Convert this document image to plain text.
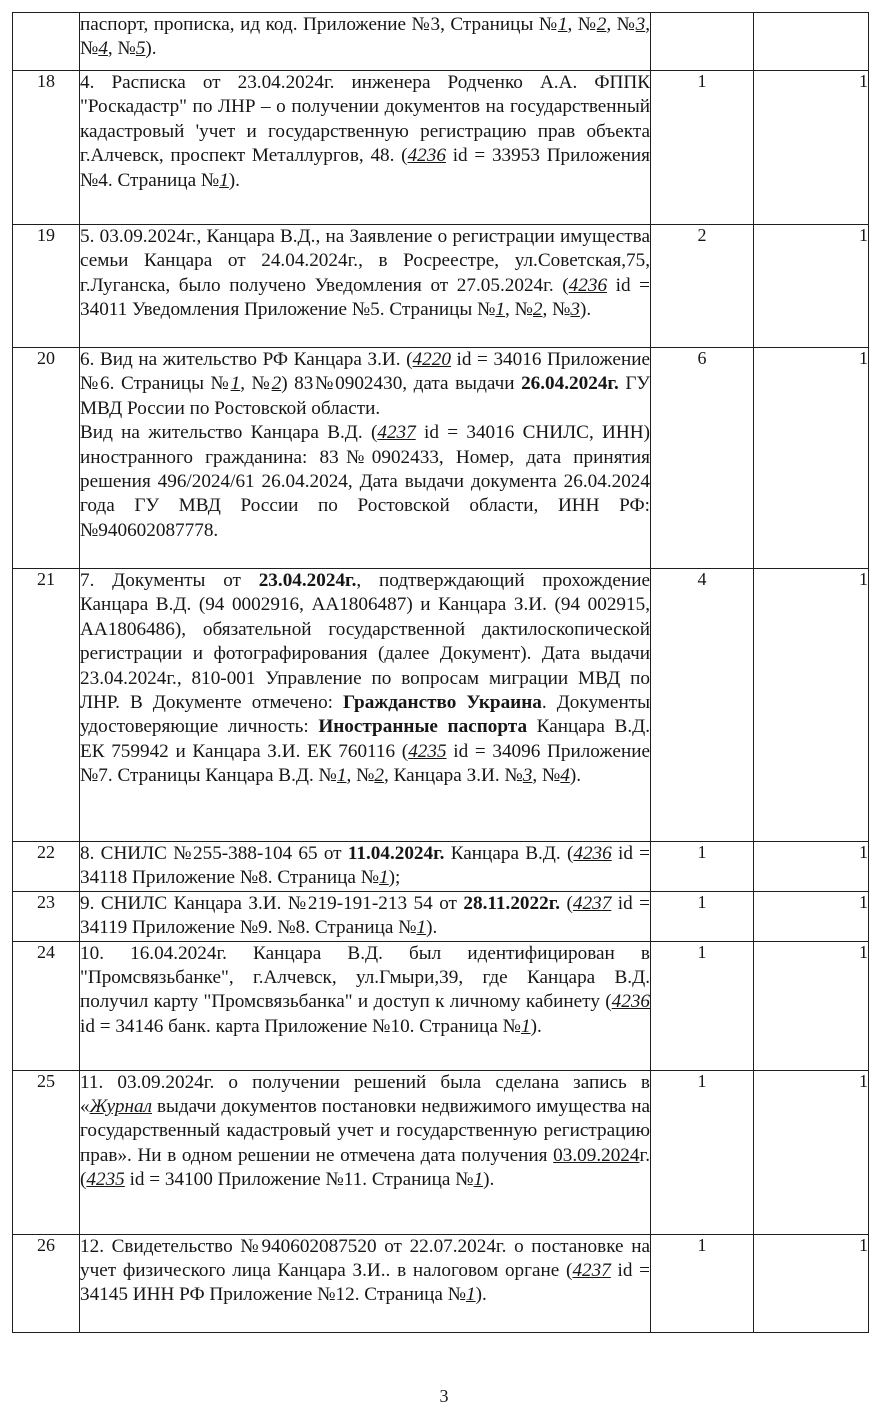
	паспорт, прописка, ид код. Приложение №3, Страницы №1, №2, №3, №4, №5).		
18	4. Расписка от 23.04.2024г. инженера Родченко А.А. ФППК "Роскадастр" по ЛНР – о получении документов на государственный кадастровый 'учет и государственную регистрацию прав объекта г.Алчевск, проспект Металлургов, 48. (4236 id = 33953 Приложения №4. Страница №1).	1	1
19	5. 03.09.2024г., Канцара В.Д., на Заявление о регистрации имущества семьи Канцара от 24.04.2024г., в Росреестре, ул.Советская,75, г.Луганска, было получено Уведомления от 27.05.2024г. (4236 id = 34011 Уведомления Приложение №5. Страницы №1, №2, №3).	2	1
20	6. Вид на жительство РФ Канцара З.И. (4220 id = 34016 Приложение №6. Страницы №1, №2) 83№0902430, дата выдачи 26.04.2024г. ГУ МВД России по Ростовской области.
Вид на жительство Канцара В.Д. (4237 id = 34016 СНИЛС, ИНН) иностранного гражданина: 83№0902433, Номер, дата принятия решения 496/2024/61 26.04.2024, Дата выдачи документа 26.04.2024 года ГУ МВД России по Ростовской области, ИНН РФ: №940602087778.	6	1
21	7. Документы от 23.04.2024г., подтверждающий прохождение Канцара В.Д. (94 0002916, АА1806487) и Канцара З.И. (94 002915, АА1806486), обязательной государственной дактилоскопической регистрации и фотографирования (далее Документ). Дата выдачи 23.04.2024г., 810-001 Управление по вопросам миграции МВД по ЛНР. В Документе отмечено: Гражданство Украина. Документы удостоверяющие личность: Иностранные паспорта Канцара В.Д. ЕК 759942 и Канцара З.И. ЕК 760116 (4235 id = 34096 Приложение №7. Страницы Канцара В.Д. №1, №2, Канцара З.И. №3, №4).	4	1
22	8. СНИЛС №255-388-104 65 от 11.04.2024г. Канцара В.Д. (4236 id = 34118 Приложение №8. Страница №1);	1	1
23	9. СНИЛС Канцара З.И. №219-191-213 54 от 28.11.2022г. (4237 id = 34119 Приложение №9. №8. Страница №1).	1	1
24	10. 16.04.2024г. Канцара В.Д. был идентифицирован в "Промсвязьбанке", г.Алчевск, ул.Гмыри,39, где Канцара В.Д. получил карту "Промсвязьбанка" и доступ к личному кабинету (4236 id = 34146 банк. карта Приложение №10. Страница №1).	1	1
25	11. 03.09.2024г. о получении решений была сделана запись в «Журнал выдачи документов постановки недвижимого имущества на государственный кадастровый учет и государственную регистрацию прав». Ни в одном решении не отмечена дата получения 03.09.2024г. (4235 id = 34100 Приложение №11. Страница №1).	1	1
26	12. Свидетельство №940602087520 от 22.07.2024г. о постановке на учет физического лица Канцара З.И.. в налоговом органе (4237 id = 34145 ИНН РФ Приложение №12. Страница №1).	1	1
3
